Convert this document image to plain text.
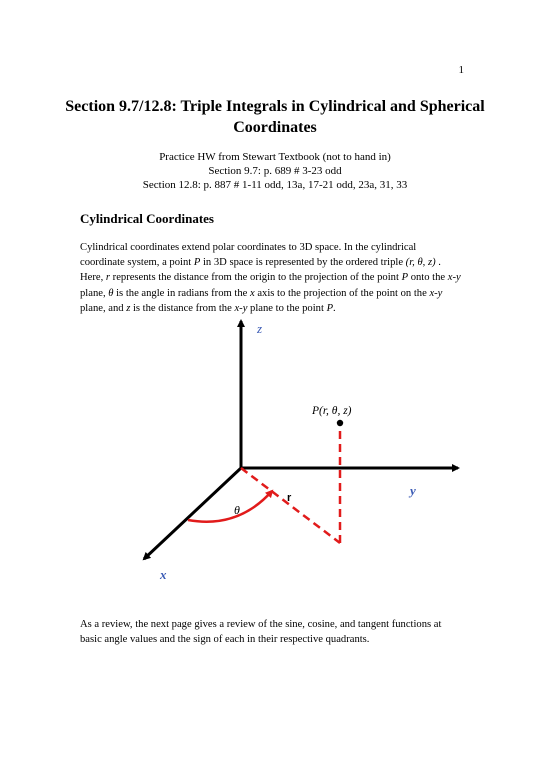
1
Section 9.7/12.8: Triple Integrals in Cylindrical and Spherical
Coordinates
Practice HW from Stewart Textbook (not to hand in)
Section 9.7: p. 689 # 3-23 odd
Section 12.8: p. 887 # 1-11 odd, 13a, 17-21 odd, 23a, 31, 33
Cylindrical Coordinates
Cylindrical coordinates extend polar coordinates to 3D space. In the cylindrical
coordinate system, a point P in 3D space is represented by the ordered triple (r, θ, z) .
Here, r represents the distance from the origin to the projection of the point P onto the x-y
plane, θ is the angle in radians from the x axis to the projection of the point on the x-y
plane, and z is the distance from the x-y plane to the point P.
z
y
x
r
θ
P(r, θ, z)
As a review, the next page gives a review of the sine, cosine, and tangent functions at
basic angle values and the sign of each in their respective quadrants.
